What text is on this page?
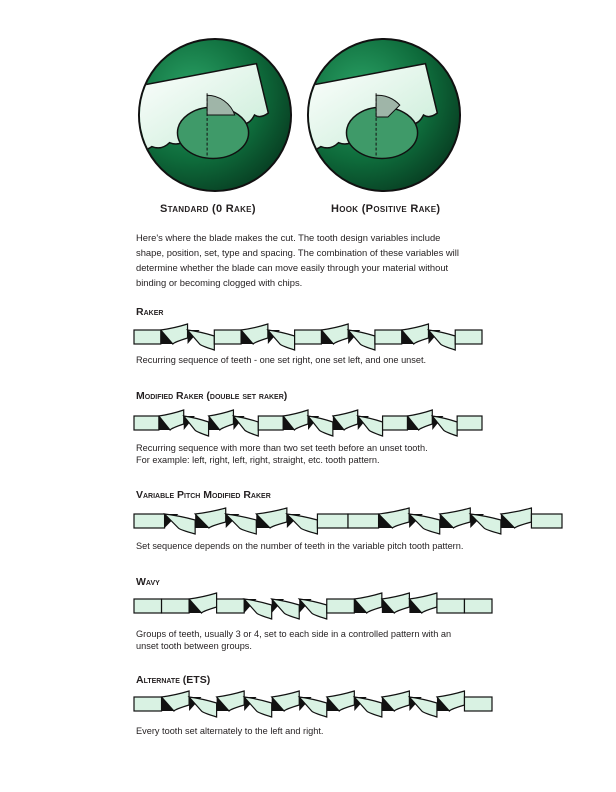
Standard (0 Rake)	Hook (Positive Rake)
Here's where the blade makes the cut. The tooth design variables include shape, position, set, type and spacing. The combination of these variables will determine whether the blade can move easily through your material without binding or becoming clogged with chips.
Raker
Recurring sequence of teeth - one set right, one set left, and one unset.
Modified Raker (double set raker)
Recurring sequence with more than two set teeth before an unset tooth.
For example: left, right, left, right, straight, etc. tooth pattern.
Variable Pitch Modified Raker
Set sequence depends on the number of teeth in the variable pitch tooth pattern.
Wavy
Groups of teeth, usually 3 or 4, set to each side in a controlled pattern with an
unset tooth between groups.
Alternate (ETS)
Every tooth set alternately to the left and right.
